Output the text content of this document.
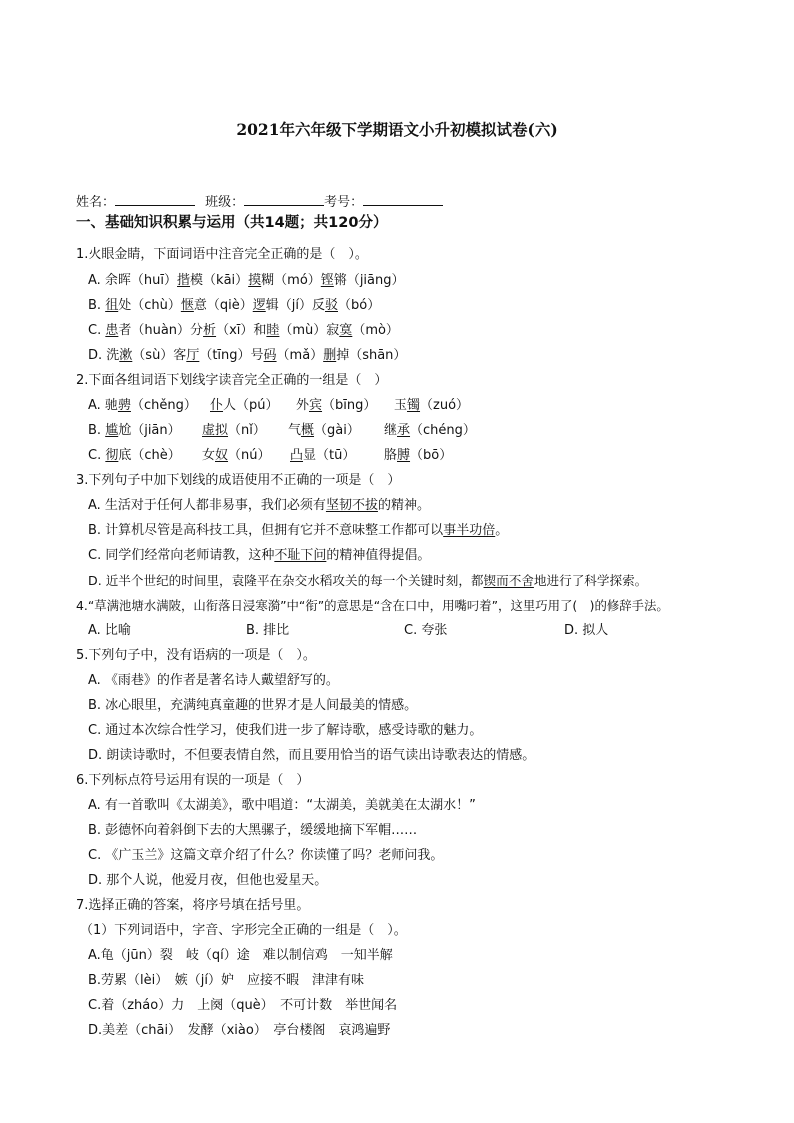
2021年六年级下学期语文小升初模拟试卷(六)
姓名：	班级：	考号：
一、基础知识积累与运用（共14题；共120分）
1.火眼金睛，下面词语中注音完全正确的是（　）。
A. 余晖（huī）揩模（kāi）摸糊（mó）铿锵（jiāng）
B. 徂处（chù）惬意（qiè）逻辑（jí）反驳（bó）
C. 患者（huàn）分析（xī）和睦（mù）寂寞（mò）
D. 洗漱（sù）客厅（tīng）号码（mǎ）删掉（shān）
2.下面各组词语下划线字读音完全正确的一组是（　）
A. 驰骋（chěng） 仆人（pú） 外宾（bīng） 玉镯（zuó）
B. 尴尬（jiān） 虚拟（nǐ） 气概（gài） 继承（chéng）
C. 彻底（chè） 女奴（nú） 凸显（tū） 胳膊（bō）
3.下列句子中加下划线的成语使用不正确的一项是（　）
A. 生活对于任何人都非易事，我们必须有坚韧不拔的精神。
B. 计算机尽管是高科技工具，但拥有它并不意味整工作都可以事半功倍。
C. 同学们经常向老师请教，这种不耻下问的精神值得提倡。
D. 近半个世纪的时间里，袁隆平在杂交水稻攻关的每一个关键时刻，都锲而不舍地进行了科学探索。
4.“草满池塘水满陂，山衔落日浸寒漪”中“衔”的意思是“含在口中，用嘴叼着”，这里巧用了(　)的修辞手法。
A. 比喻	B. 排比	C. 夸张	D. 拟人
5.下列句子中，没有语病的一项是（　）。
A. 《雨巷》的作者是著名诗人戴望舒写的。
B. 冰心眼里，充满纯真童趣的世界才是人间最美的情感。
C. 通过本次综合性学习，使我们进一步了解诗歌，感受诗歌的魅力。
D. 朗读诗歌时，不但要表情自然，而且要用恰当的语气读出诗歌表达的情感。
6.下列标点符号运用有误的一项是（　）
A. 有一首歌叫《太湖美》，歌中唱道：“太湖美，美就美在太湖水！”
B. 彭德怀向着斜倒下去的大黑骡子，缓缓地摘下军帽……
C. 《广玉兰》这篇文章介绍了什么？你读懂了吗？老师问我。
D. 那个人说，他爱月夜，但他也爱星天。
7.选择正确的答案，将序号填在括号里。
（1）下列词语中，字音、字形完全正确的一组是（　）。
A.龟（jūn）裂　岐（qí）途　难以制信鸡　一知半解
B.劳累（lèi）　嫉（jí）妒　应接不暇　津津有味
C.着（zháo）力　上阕（què）　不可计数　举世闻名
D.美差（chāi）　发酵（xiào）　亭台楼阁　哀鸿遍野
